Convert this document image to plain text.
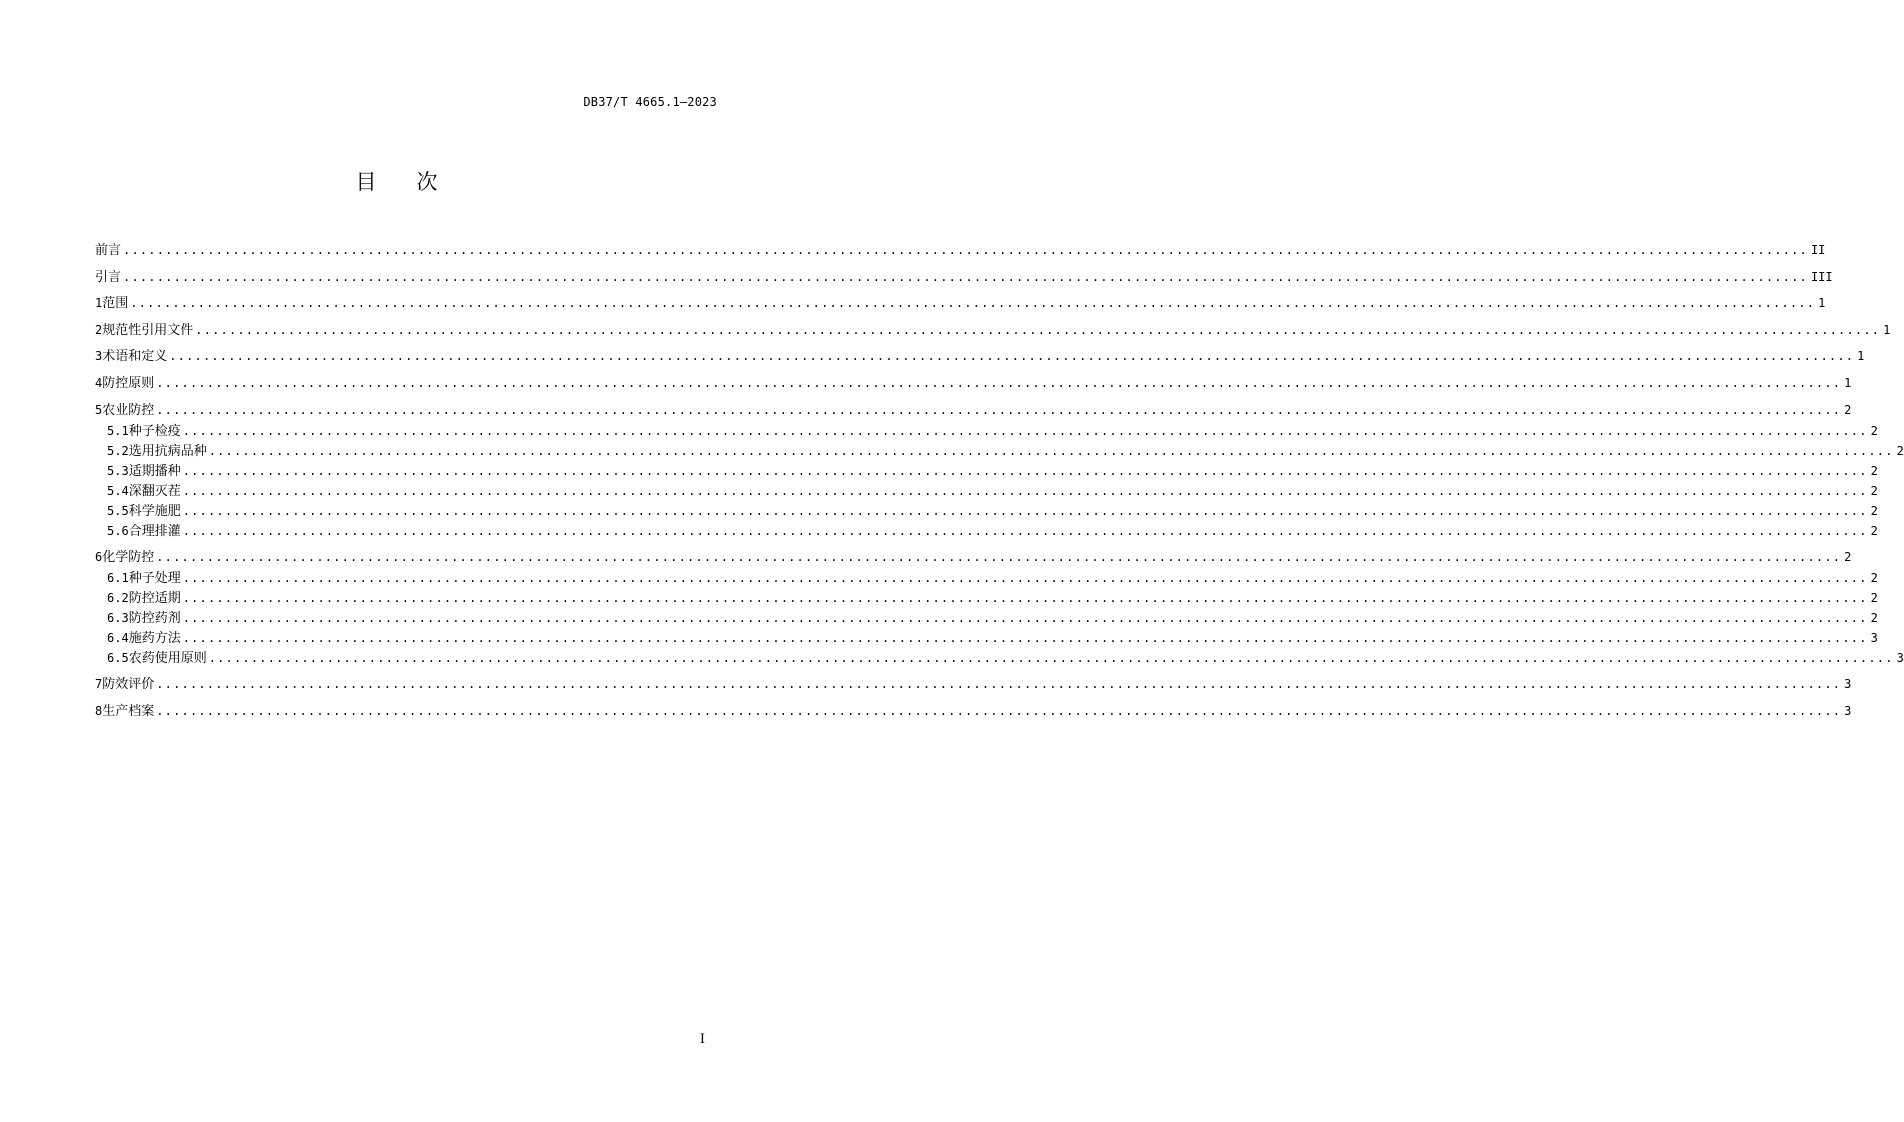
DB37/T 4665.1—2023
目 次
前言 ........................................................................................................................................................................................................ II
引言 ........................................................................................................................................................................................................ III
1 范围 ........................................................................................................................................................................................................ 1
2 规范性引用文件 ........................................................................................................................................................................................................ 1
3 术语和定义 ........................................................................................................................................................................................................ 1
4 防控原则 ........................................................................................................................................................................................................ 1
5 农业防控 ........................................................................................................................................................................................................ 2
5.1 种子检疫 ........................................................................................................................................................................................................ 2
5.2 选用抗病品种 ........................................................................................................................................................................................................ 2
5.3 适期播种 ........................................................................................................................................................................................................ 2
5.4 深翻灭茬 ........................................................................................................................................................................................................ 2
5.5 科学施肥 ........................................................................................................................................................................................................ 2
5.6 合理排灌 ........................................................................................................................................................................................................ 2
6 化学防控 ........................................................................................................................................................................................................ 2
6.1 种子处理 ........................................................................................................................................................................................................ 2
6.2 防控适期 ........................................................................................................................................................................................................ 2
6.3 防控药剂 ........................................................................................................................................................................................................ 2
6.4 施药方法 ........................................................................................................................................................................................................ 3
6.5 农药使用原则 ........................................................................................................................................................................................................ 3
7 防效评价 ........................................................................................................................................................................................................ 3
8 生产档案 ........................................................................................................................................................................................................ 3
I
